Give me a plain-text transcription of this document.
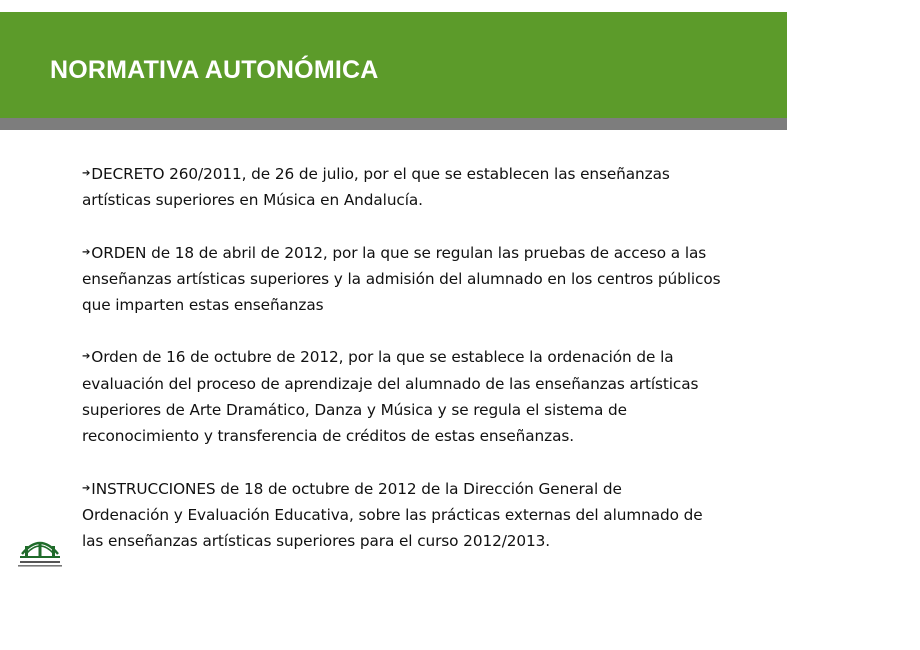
NORMATIVA AUTONÓMICA

➔DECRETO 260/2011, de 26 de julio, por el que se establecen las enseñanzas
artísticas superiores en Música en Andalucía.

➔ORDEN de 18 de abril de 2012, por la que se regulan las pruebas de acceso a las
enseñanzas artísticas superiores y la admisión del alumnado en los centros públicos
que imparten estas enseñanzas

➔Orden de 16 de octubre de 2012, por la que se establece la ordenación de la
evaluación del proceso de aprendizaje del alumnado de las enseñanzas artísticas
superiores de Arte Dramático, Danza y Música y se regula el sistema de
reconocimiento y transferencia de créditos de estas enseñanzas.

➔INSTRUCCIONES de 18 de octubre de 2012 de la Dirección General de
Ordenación y Evaluación Educativa, sobre las prácticas externas del alumnado de
las enseñanzas artísticas superiores para el curso 2012/2013.
